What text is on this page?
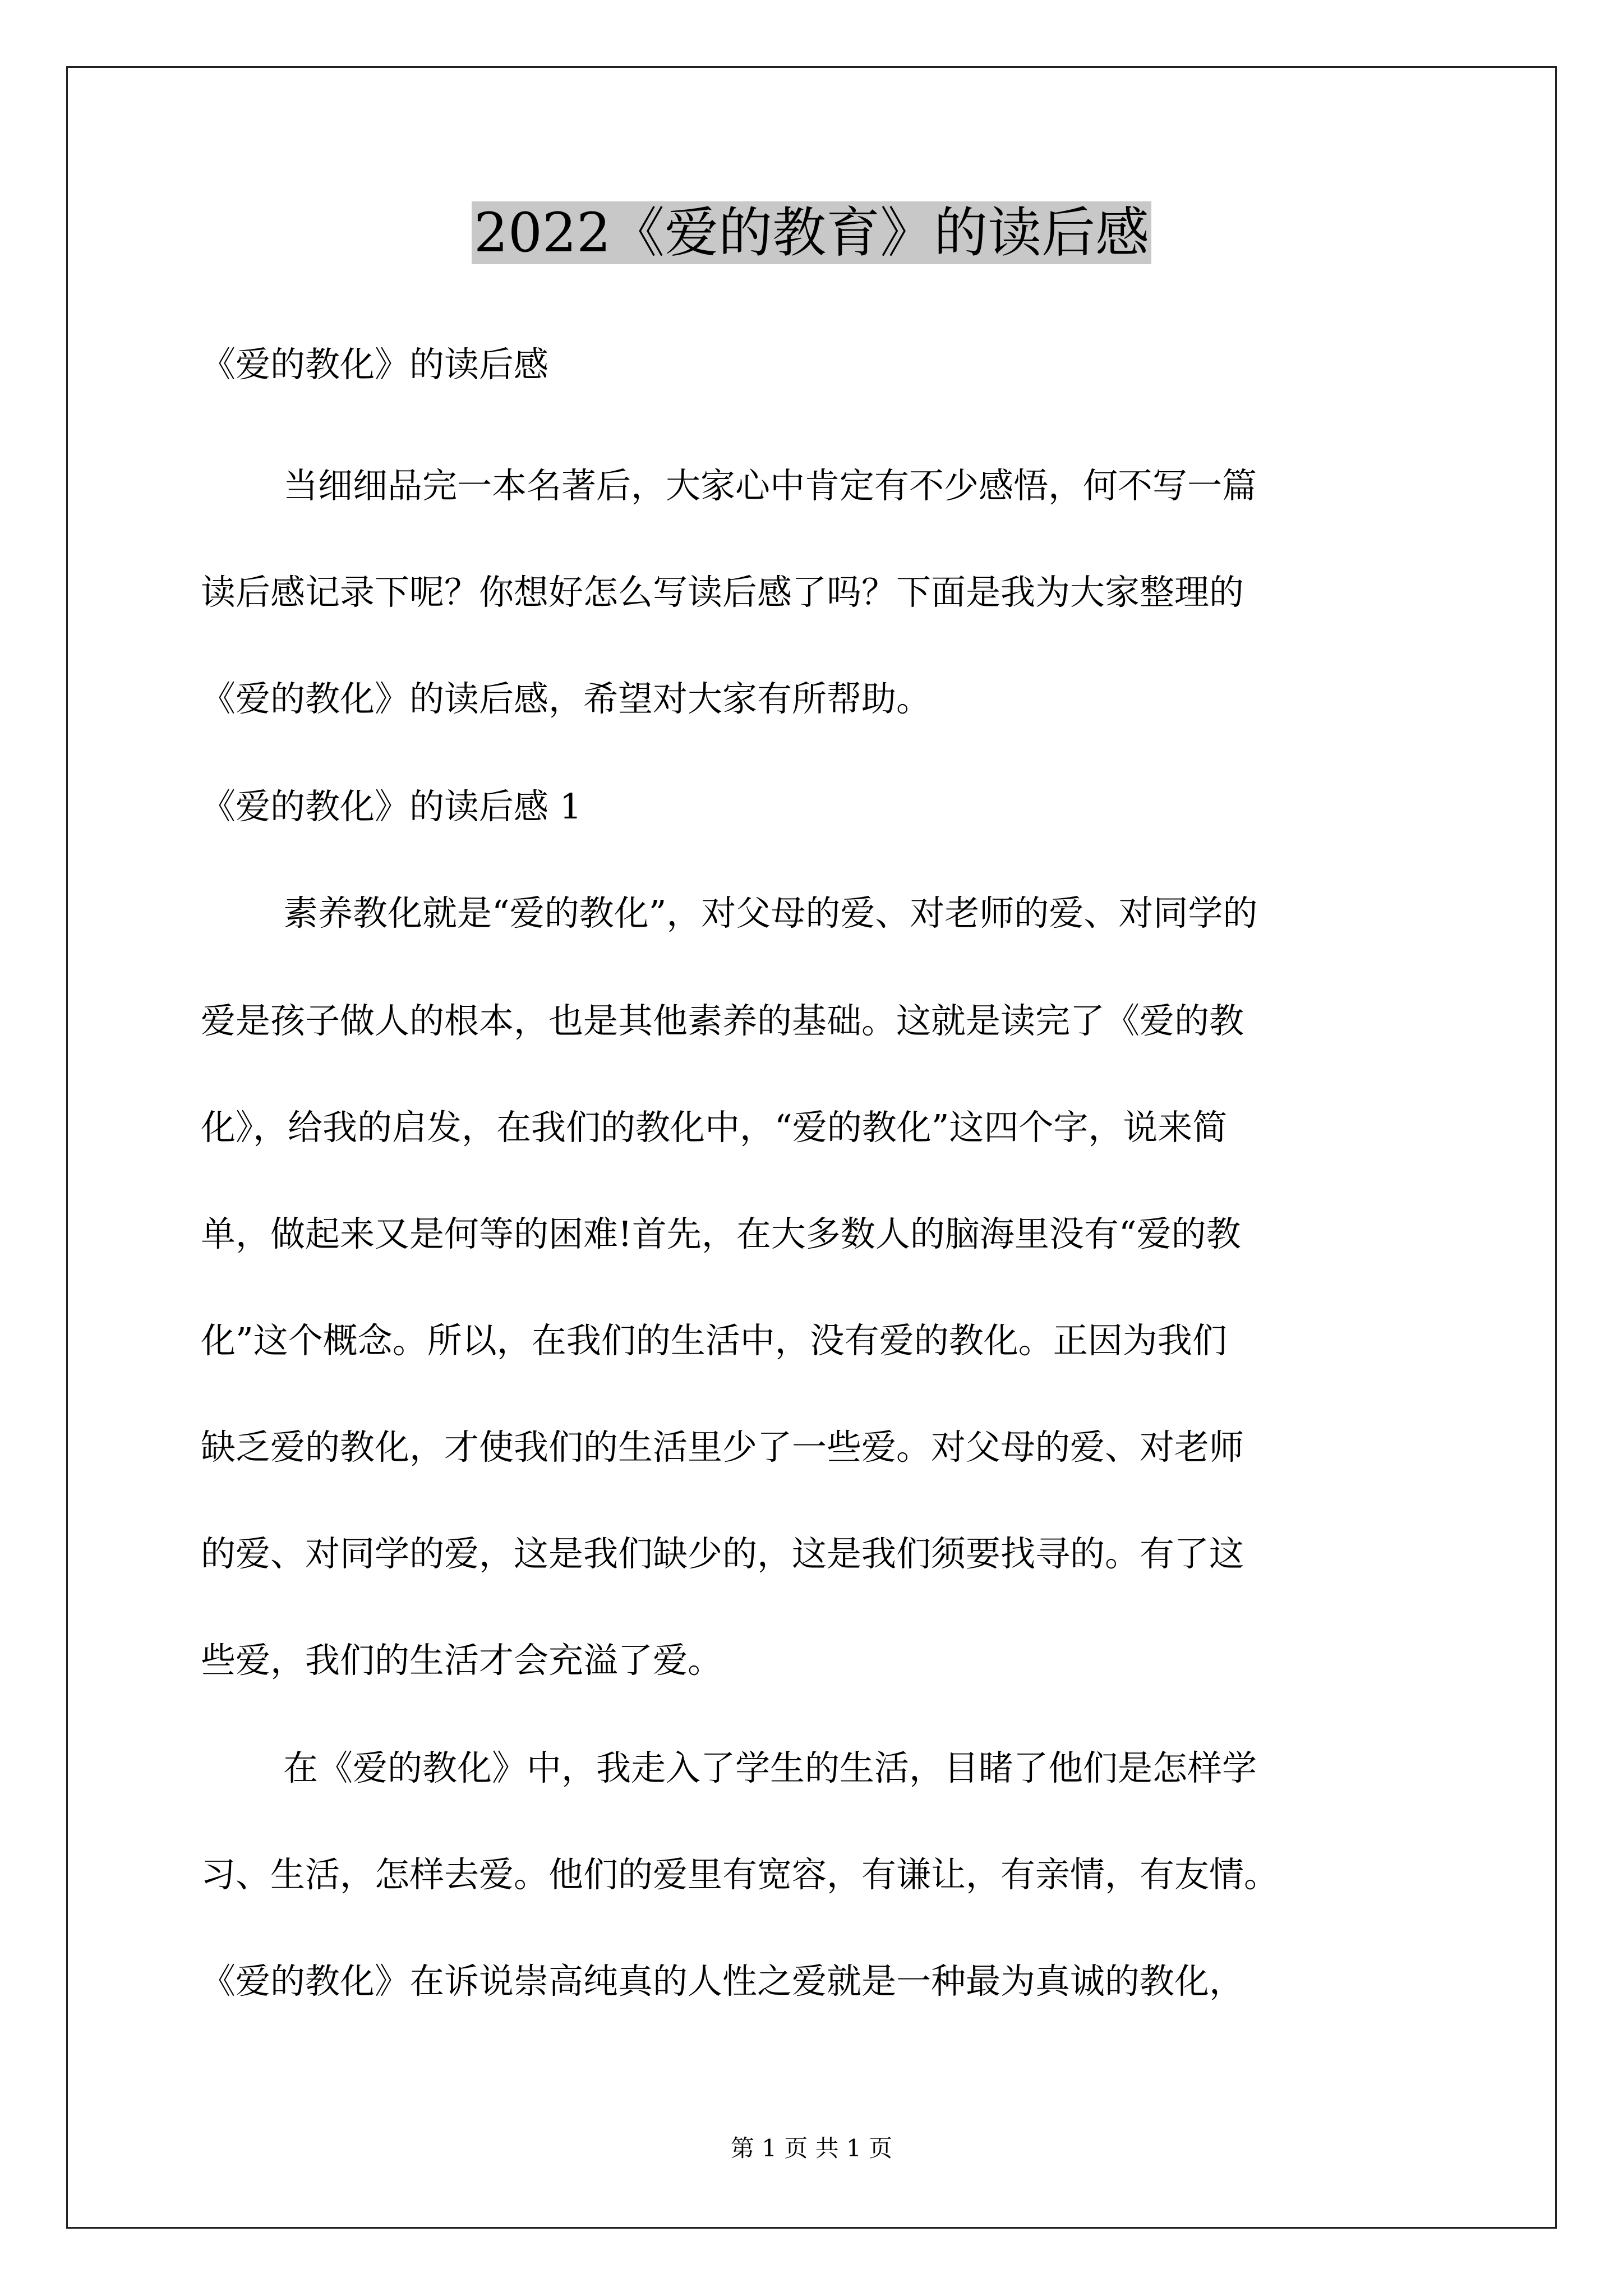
2022《爱的教育》的读后感
《爱的教化》的读后感
当细细品完一本名著后，大家心中肯定有不少感悟，何不写一篇
读后感记录下呢？你想好怎么写读后感了吗？下面是我为大家整理的
《爱的教化》的读后感，希望对大家有所帮助。
《爱的教化》的读后感 1
素养教化就是“爱的教化”，对父母的爱、对老师的爱、对同学的
爱是孩子做人的根本，也是其他素养的基础。这就是读完了《爱的教
化》，给我的启发，在我们的教化中，“爱的教化”这四个字，说来简
单，做起来又是何等的困难!首先，在大多数人的脑海里没有“爱的教
化”这个概念。所以，在我们的生活中，没有爱的教化。正因为我们
缺乏爱的教化，才使我们的生活里少了一些爱。对父母的爱、对老师
的爱、对同学的爱，这是我们缺少的，这是我们须要找寻的。有了这
些爱，我们的生活才会充溢了爱。
在《爱的教化》中，我走入了学生的生活，目睹了他们是怎样学
习、生活，怎样去爱。他们的爱里有宽容，有谦让，有亲情，有友情。
《爱的教化》在诉说崇高纯真的人性之爱就是一种最为真诚的教化，
第 1 页 共 1 页
